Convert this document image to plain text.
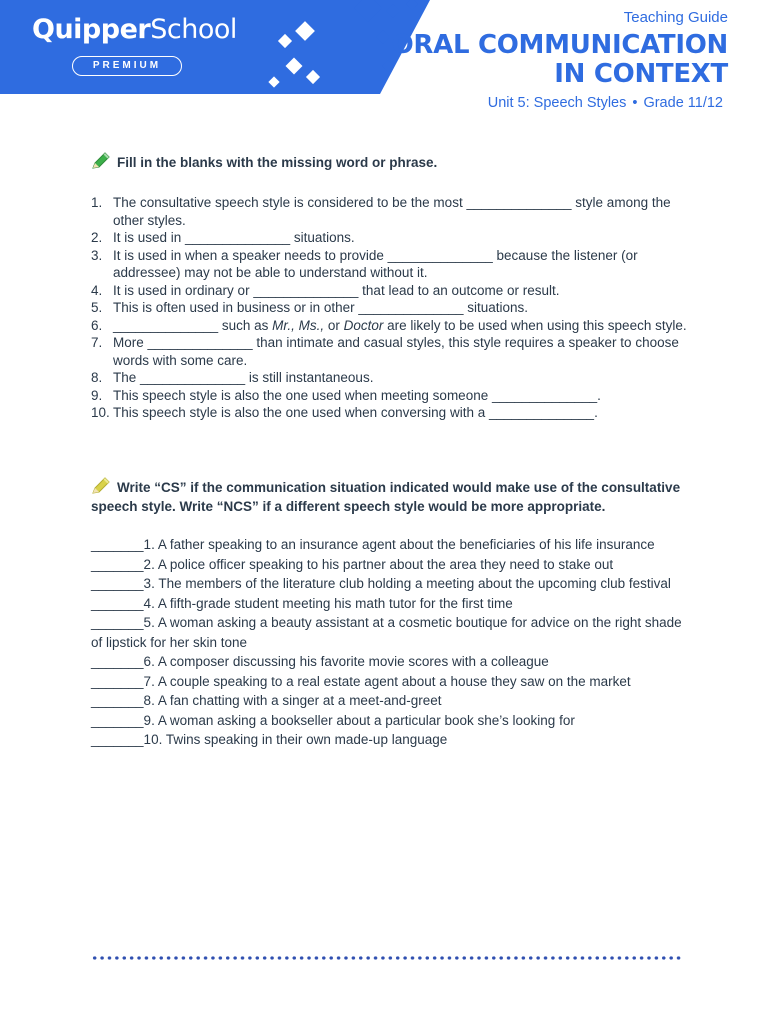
QuipperSchool
PREMIUM
Teaching Guide
ORAL COMMUNICATION
IN CONTEXT
Unit 5: Speech Styles • Grade 11/12
Fill in the blanks with the missing word or phrase.
1. The consultative speech style is considered to be the most ______________ style among the other styles.
2. It is used in ______________ situations.
3. It is used in when a speaker needs to provide ______________ because the listener (or addressee) may not be able to understand without it.
4. It is used in ordinary or ______________ that lead to an outcome or result.
5. This is often used in business or in other ______________ situations.
6. ______________ such as Mr., Ms., or Doctor are likely to be used when using this speech style.
7. More ______________ than intimate and casual styles, this style requires a speaker to choose words with some care.
8. The ______________ is still instantaneous.
9. This speech style is also the one used when meeting someone ______________.
10. This speech style is also the one used when conversing with a ______________.
Write “CS” if the communication situation indicated would make use of the consultative speech style. Write “NCS” if a different speech style would be more appropriate.

_______1. A father speaking to an insurance agent about the beneficiaries of his life insurance

_______2. A police officer speaking to his partner about the area they need to stake out

_______3. The members of the literature club holding a meeting about the upcoming club festival

_______4. A fifth-grade student meeting his math tutor for the first time

_______5. A woman asking a beauty assistant at a cosmetic boutique for advice on the right shade of lipstick for her skin tone

_______6. A composer discussing his favorite movie scores with a colleague

_______7. A couple speaking to a real estate agent about a house they saw on the market

_______8. A fan chatting with a singer at a meet-and-greet

_______9. A woman asking a bookseller about a particular book she’s looking for

_______10. Twins speaking in their own made-up language
